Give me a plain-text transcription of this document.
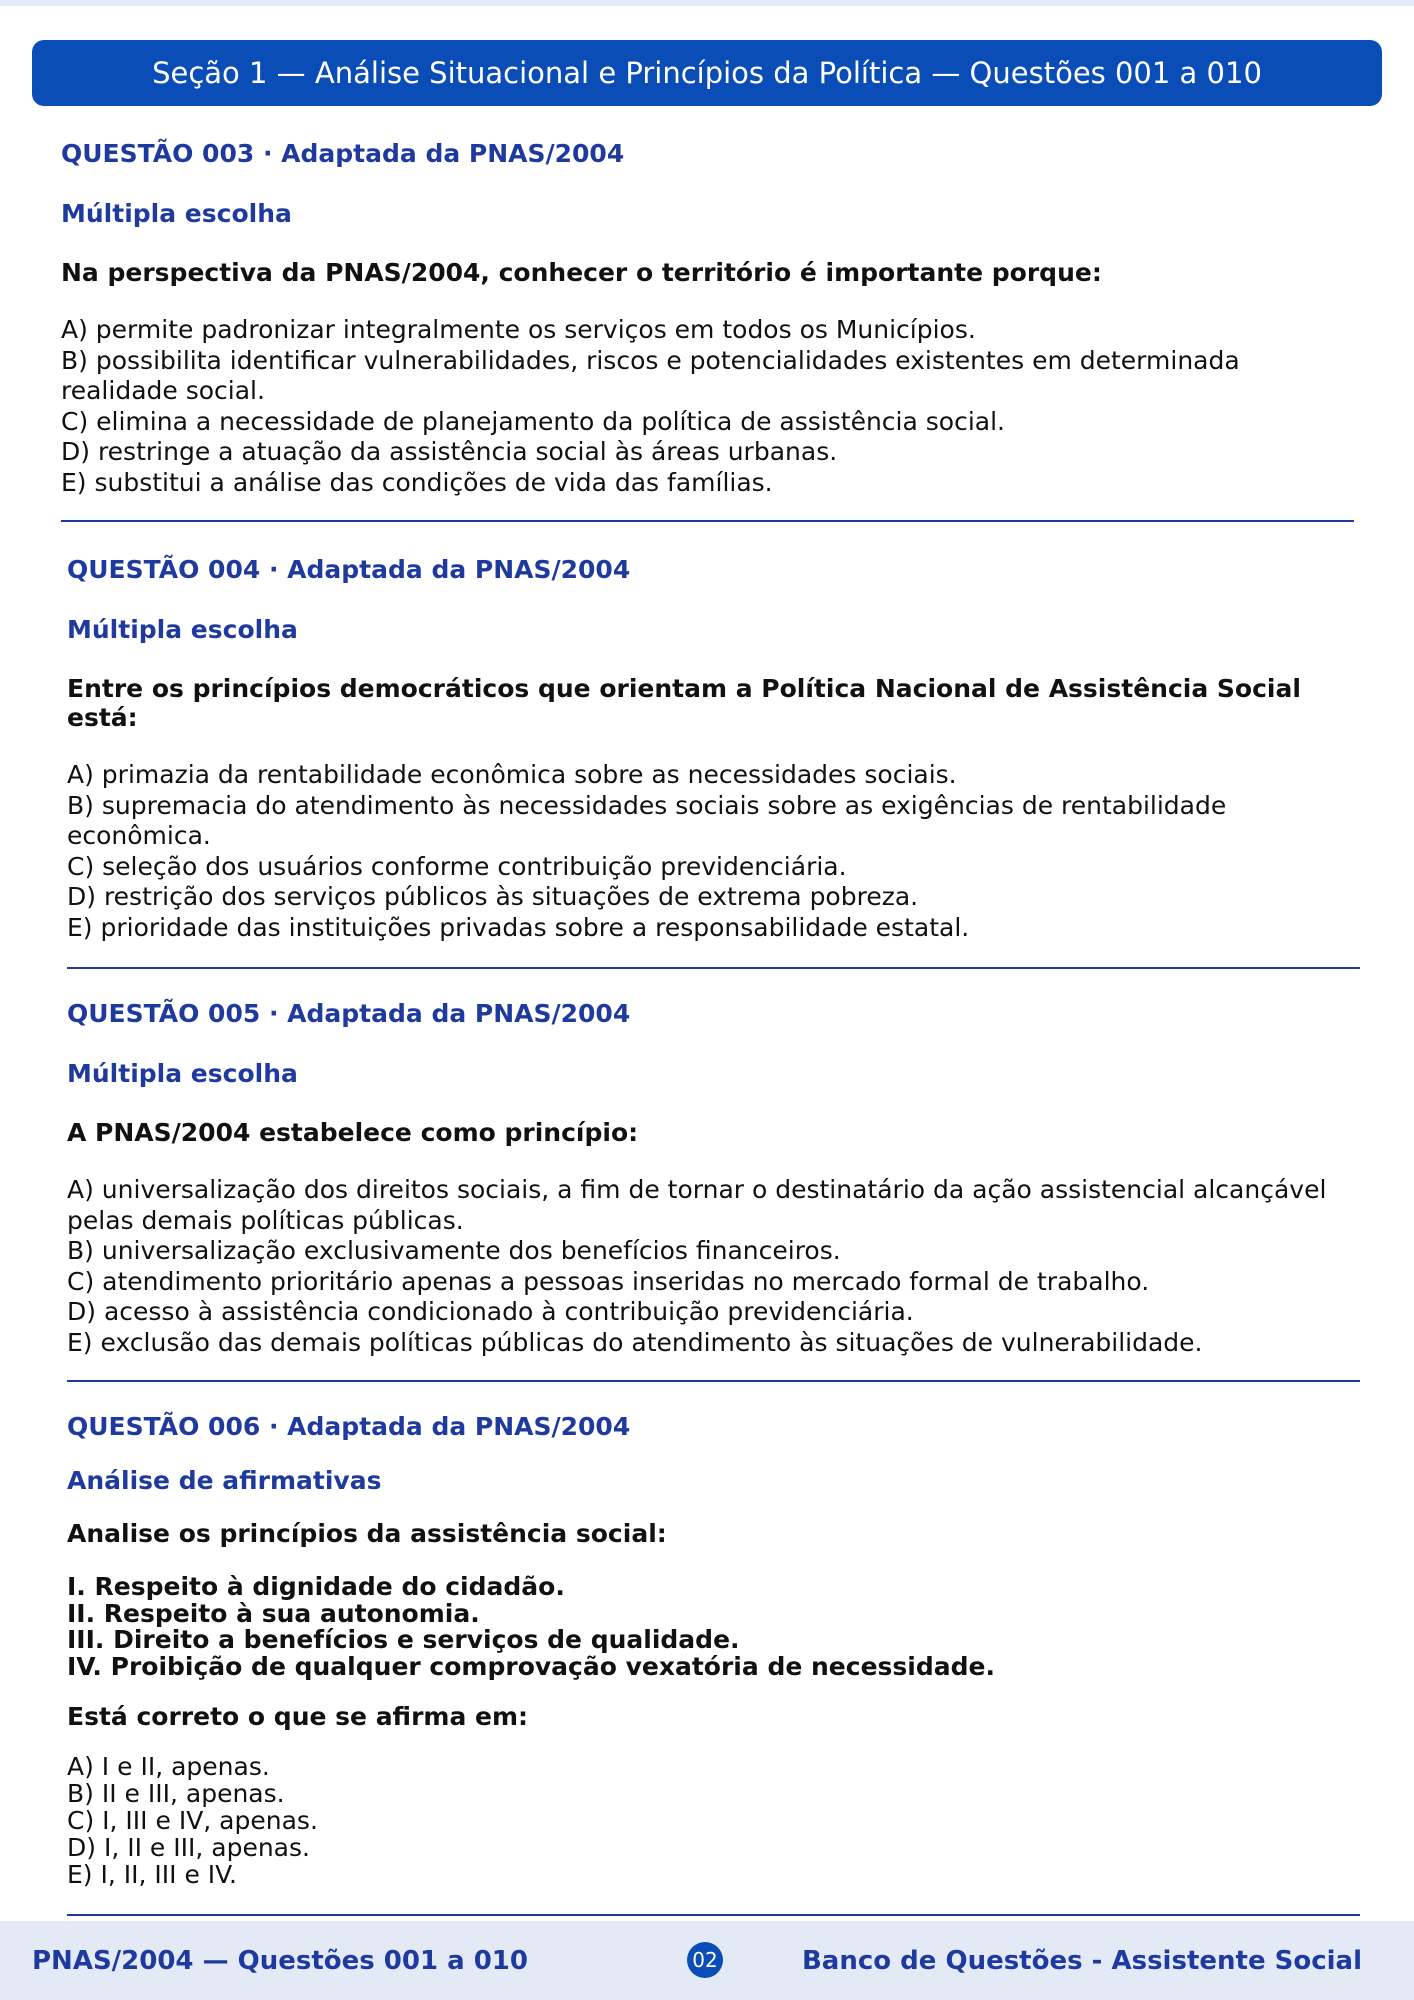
Seção 1 — Análise Situacional e Princípios da Política — Questões 001 a 010

QUESTÃO 003 · Adaptada da PNAS/2004

Múltipla escolha

Na perspectiva da PNAS/2004, conhecer o território é importante porque:

A) permite padronizar integralmente os serviços em todos os Municípios.

B) possibilita identificar vulnerabilidades, riscos e potencialidades existentes em determinada realidade social.

C) elimina a necessidade de planejamento da política de assistência social.

D) restringe a atuação da assistência social às áreas urbanas.

E) substitui a análise das condições de vida das famílias.

QUESTÃO 004 · Adaptada da PNAS/2004

Múltipla escolha

Entre os princípios democráticos que orientam a Política Nacional de Assistência Social está:

A) primazia da rentabilidade econômica sobre as necessidades sociais.

B) supremacia do atendimento às necessidades sociais sobre as exigências de rentabilidade econômica.

C) seleção dos usuários conforme contribuição previdenciária.

D) restrição dos serviços públicos às situações de extrema pobreza.

E) prioridade das instituições privadas sobre a responsabilidade estatal.

QUESTÃO 005 · Adaptada da PNAS/2004

Múltipla escolha

A PNAS/2004 estabelece como princípio:

A) universalização dos direitos sociais, a fim de tornar o destinatário da ação assistencial alcançável pelas demais políticas públicas.

B) universalização exclusivamente dos benefícios financeiros.

C) atendimento prioritário apenas a pessoas inseridas no mercado formal de trabalho.

D) acesso à assistência condicionado à contribuição previdenciária.

E) exclusão das demais políticas públicas do atendimento às situações de vulnerabilidade.

QUESTÃO 006 · Adaptada da PNAS/2004

Análise de afirmativas

Analise os princípios da assistência social:

I. Respeito à dignidade do cidadão.

II. Respeito à sua autonomia.

III. Direito a benefícios e serviços de qualidade.

IV. Proibição de qualquer comprovação vexatória de necessidade.

Está correto o que se afirma em:

A) I e II, apenas.

B) II e III, apenas.

C) I, III e IV, apenas.

D) I, II e III, apenas.

E) I, II, III e IV.

PNAS/2004 — Questões 001 a 010	02	Banco de Questões - Assistente Social
